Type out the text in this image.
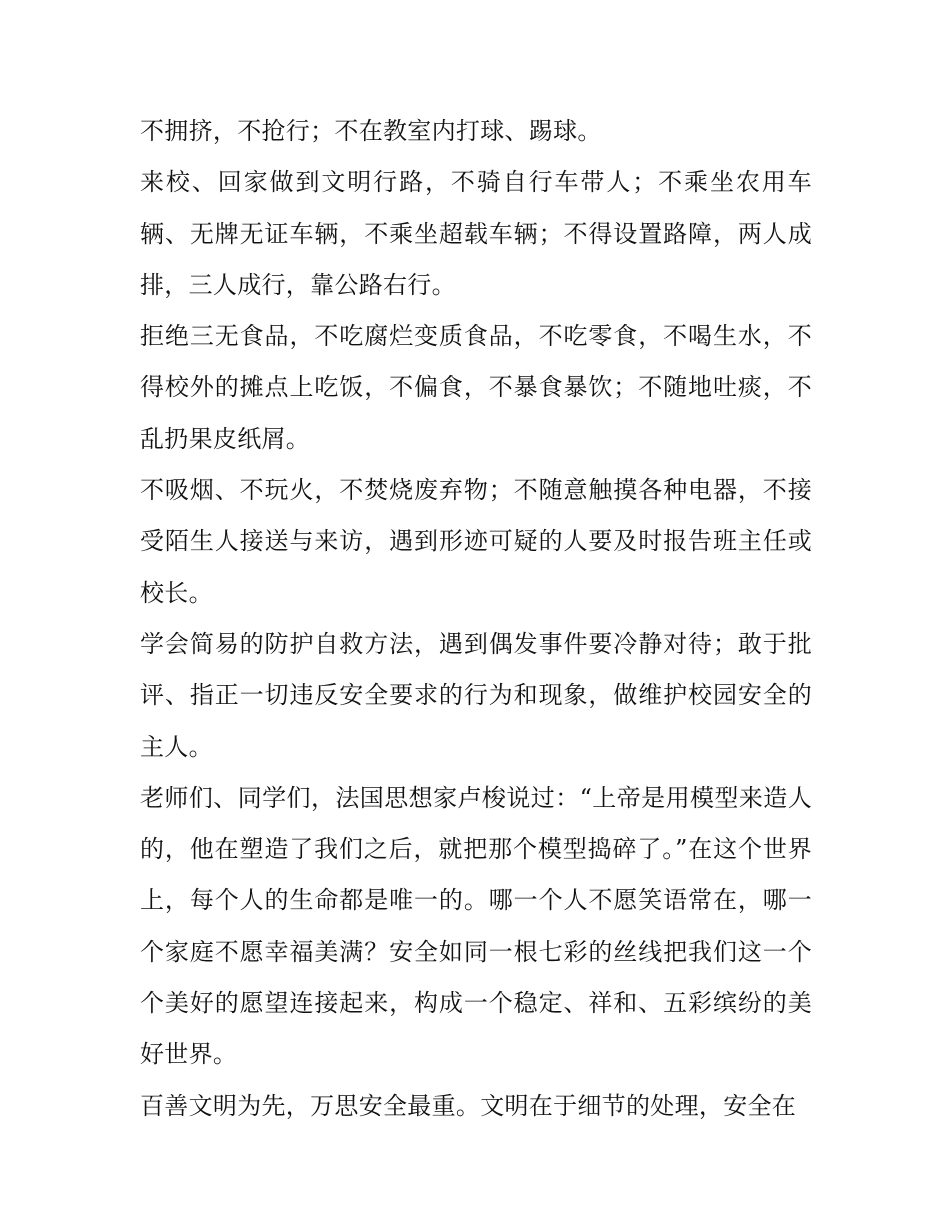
不拥挤，不抢行；不在教室内打球、踢球。

来校、回家做到文明行路，不骑自行车带人；不乘坐农用车辆、无牌无证车辆，不乘坐超载车辆；不得设置路障，两人成排，三人成行，靠公路右行。

拒绝三无食品，不吃腐烂变质食品，不吃零食，不喝生水，不得校外的摊点上吃饭，不偏食，不暴食暴饮；不随地吐痰，不乱扔果皮纸屑。

不吸烟、不玩火，不焚烧废弃物；不随意触摸各种电器，不接受陌生人接送与来访，遇到形迹可疑的人要及时报告班主任或校长。

学会简易的防护自救方法，遇到偶发事件要冷静对待；敢于批评、指正一切违反安全要求的行为和现象，做维护校园安全的主人。

老师们、同学们，法国思想家卢梭说过：“上帝是用模型来造人的，他在塑造了我们之后，就把那个模型捣碎了。”在这个世界上，每个人的生命都是唯一的。哪一个人不愿笑语常在，哪一个家庭不愿幸福美满？安全如同一根七彩的丝线把我们这一个个美好的愿望连接起来，构成一个稳定、祥和、五彩缤纷的美好世界。

百善文明为先，万思安全最重。文明在于细节的处理，安全在
